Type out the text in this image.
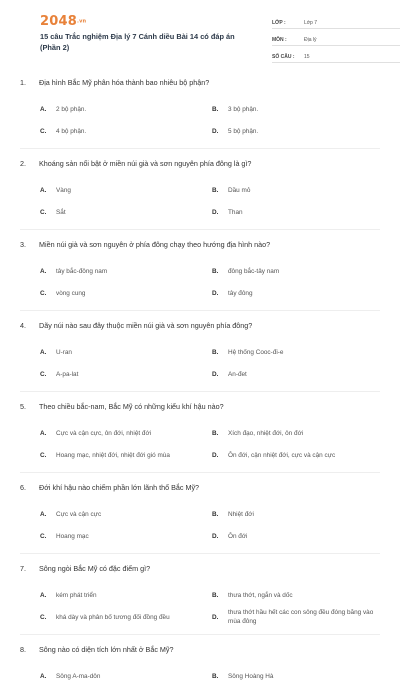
2048.vn
15 câu Trắc nghiệm Địa lý 7 Cánh diều Bài 14 có đáp án (Phần 2)
LỚP :	Lớp 7
MÔN :	Địa lý
SỐ CÂU :	15
1.	Địa hình Bắc Mỹ phân hóa thành bao nhiêu bộ phận?
A.	2 bộ phận.	B.	3 bộ phận.
C.	4 bộ phận.	D.	5 bộ phận.
2.	Khoáng sản nổi bật ở miền núi già và sơn nguyên phía đông là gì?
A.	Vàng	B.	Dầu mỏ
C.	Sắt	D.	Than
3.	Miền núi già và sơn nguyên ở phía đông chạy theo hướng địa hình nào?
A.	tây bắc-đông nam	B.	đông bắc-tây nam
C.	vòng cung	D.	tây đông
4.	Dãy núi nào sau đây thuộc miền núi già và sơn nguyên phía đông?
A.	U-ran	B.	Hệ thống Cooc-đi-e
C.	A-pa-lat	D.	An-đet
5.	Theo chiều bắc-nam, Bắc Mỹ có những kiểu khí hậu nào?
A.	Cực và cận cực, ôn đới, nhiệt đới	B.	Xích đạo, nhiệt đới, ôn đới
C.	Hoang mạc, nhiệt đới, nhiệt đới gió mùa	D.	Ôn đới, cận nhiệt đới, cực và cận cực
6.	Đới khí hậu nào chiếm phần lớn lãnh thổ Bắc Mỹ?
A.	Cực và cận cực	B.	Nhiệt đới
C.	Hoang mạc	D.	Ôn đới
7.	Sông ngòi Bắc Mỹ có đặc điểm gì?
A.	kém phát triển	B.	thưa thớt, ngắn và dốc
C.	khá dày và phân bố tương đối đồng đều	D.
thưa thớt hầu hết các con sông đều đóng băng vào mùa đông
8.	Sông nào có diện tích lớn nhất ở Bắc Mỹ?
A.	Sông A-ma-dôn	B.	Sông Hoàng Hà
